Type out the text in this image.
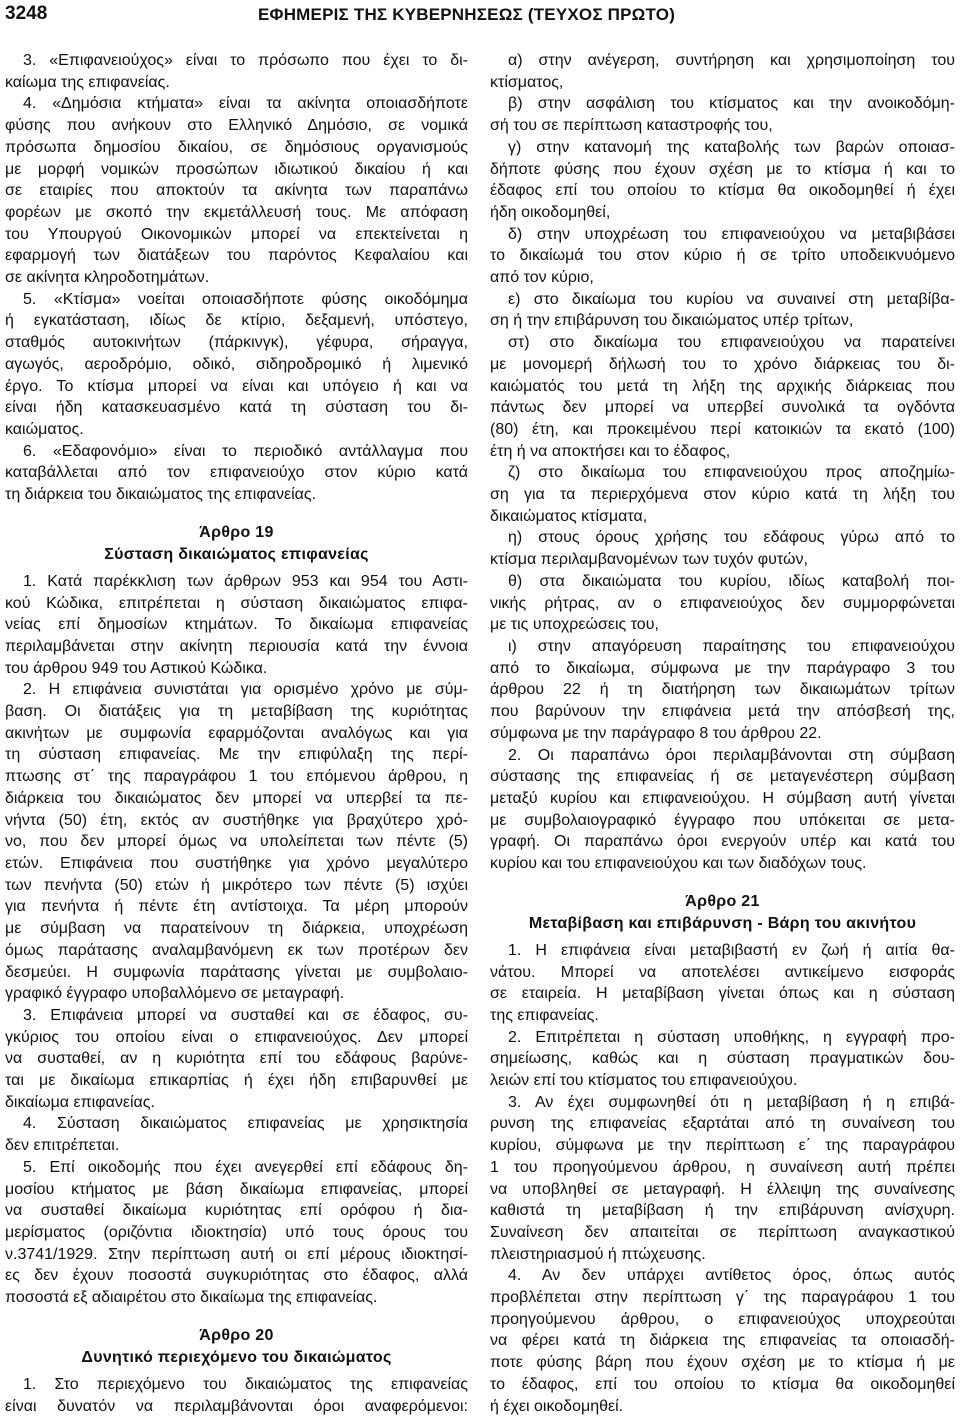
3248	ΕΦΗΜΕΡΙΣ ΤΗΣ ΚΥΒΕΡΝΗΣΕΩΣ (ΤΕΥΧΟΣ ΠΡΩΤΟ)
3. «Επιφανειούχος» είναι το πρόσωπο που έχει το δι-
καίωμα της επιφανείας.
4. «Δημόσια κτήματα» είναι τα ακίνητα οποιασδήποτε
φύσης που ανήκουν στο Ελληνικό Δημόσιο, σε νομικά
πρόσωπα δημοσίου δικαίου, σε δημόσιους οργανισμούς
με μορφή νομικών προσώπων ιδιωτικού δικαίου ή και
σε εταιρίες που αποκτούν τα ακίνητα των παραπάνω
φορέων με σκοπό την εκμετάλλευσή τους. Με απόφαση
του Υπουργού Οικονομικών μπορεί να επεκτείνεται η
εφαρμογή των διατάξεων του παρόντος Κεφαλαίου και
σε ακίνητα κληροδοτημάτων.
5. «Κτίσμα» νοείται οποιασδήποτε φύσης οικοδόμημα
ή εγκατάσταση, ιδίως δε κτίριο, δεξαμενή, υπόστεγο,
σταθμός αυτοκινήτων (πάρκινγκ), γέφυρα, σήραγγα,
αγωγός, αεροδρόμιο, οδικό, σιδηροδρομικό ή λιμενικό
έργο. Το κτίσμα μπορεί να είναι και υπόγειο ή και να
είναι ήδη κατασκευασμένο κατά τη σύσταση του δι-
καιώματος.
6. «Εδαφονόμιο» είναι το περιοδικό αντάλλαγμα που
καταβάλλεται από τον επιφανειούχο στον κύριο κατά
τη διάρκεια του δικαιώματος της επιφανείας.
Άρθρο 19
Σύσταση δικαιώματος επιφανείας
1. Κατά παρέκκλιση των άρθρων 953 και 954 του Αστι-
κού Κώδικα, επιτρέπεται η σύσταση δικαιώματος επιφα-
νείας επί δημοσίων κτημάτων. Το δικαίωμα επιφανείας
περιλαμβάνεται στην ακίνητη περιουσία κατά την έννοια
του άρθρου 949 του Αστικού Κώδικα.
2. Η επιφάνεια συνιστάται για ορισμένο χρόνο με σύμ-
βαση. Οι διατάξεις για τη μεταβίβαση της κυριότητας
ακινήτων με συμφωνία εφαρμόζονται αναλόγως και για
τη σύσταση επιφανείας. Με την επιφύλαξη της περί-
πτωσης στ΄ της παραγράφου 1 του επόμενου άρθρου, η
διάρκεια του δικαιώματος δεν μπορεί να υπερβεί τα πε-
νήντα (50) έτη, εκτός αν συστήθηκε για βραχύτερο χρό-
νο, που δεν μπορεί όμως να υπολείπεται των πέντε (5)
ετών. Επιφάνεια που συστήθηκε για χρόνο μεγαλύτερο
των πενήντα (50) ετών ή μικρότερο των πέντε (5) ισχύει
για πενήντα ή πέντε έτη αντίστοιχα. Τα μέρη μπορούν
με σύμβαση να παρατείνουν τη διάρκεια, υποχρέωση
όμως παράτασης αναλαμβανόμενη εκ των προτέρων δεν
δεσμεύει. Η συμφωνία παράτασης γίνεται με συμβολαιο-
γραφικό έγγραφο υποβαλλόμενο σε μεταγραφή.
3. Επιφάνεια μπορεί να συσταθεί και σε έδαφος, συ-
γκύριος του οποίου είναι ο επιφανειούχος. Δεν μπορεί
να συσταθεί, αν η κυριότητα επί του εδάφους βαρύνε-
ται με δικαίωμα επικαρπίας ή έχει ήδη επιβαρυνθεί με
δικαίωμα επιφανείας.
4. Σύσταση δικαιώματος επιφανείας με χρησικτησία
δεν επιτρέπεται.
5. Επί οικοδομής που έχει ανεγερθεί επί εδάφους δη-
μοσίου κτήματος με βάση δικαίωμα επιφανείας, μπορεί
να συσταθεί δικαίωμα κυριότητας επί ορόφου ή δια-
μερίσματος (οριζόντια ιδιοκτησία) υπό τους όρους του
ν.3741/1929. Στην περίπτωση αυτή οι επί μέρους ιδιοκτησί-
ες δεν έχουν ποσοστά συγκυριότητας στο έδαφος, αλλά
ποσοστά εξ αδιαιρέτου στο δικαίωμα της επιφανείας.
Άρθρο 20
Δυνητικό περιεχόμενο του δικαιώματος
1. Στο περιεχόμενο του δικαιώματος της επιφανείας
είναι δυνατόν να περιλαμβάνονται όροι αναφερόμενοι:
α) στην ανέγερση, συντήρηση και χρησιμοποίηση του
κτίσματος,
β) στην ασφάλιση του κτίσματος και την ανοικοδόμη-
σή του σε περίπτωση καταστροφής του,
γ) στην κατανομή της καταβολής των βαρών οποιασ-
δήποτε φύσης που έχουν σχέση με το κτίσμα ή και το
έδαφος επί του οποίου το κτίσμα θα οικοδομηθεί ή έχει
ήδη οικοδομηθεί,
δ) στην υποχρέωση του επιφανειούχου να μεταβιβάσει
το δικαίωμά του στον κύριο ή σε τρίτο υποδεικνυόμενο
από τον κύριο,
ε) στο δικαίωμα του κυρίου να συναινεί στη μεταβίβα-
ση ή την επιβάρυνση του δικαιώματος υπέρ τρίτων,
στ) στο δικαίωμα του επιφανειούχου να παρατείνει
με μονομερή δήλωσή του το χρόνο διάρκειας του δι-
καιώματός του μετά τη λήξη της αρχικής διάρκειας που
πάντως δεν μπορεί να υπερβεί συνολικά τα ογδόντα
(80) έτη, και προκειμένου περί κατοικιών τα εκατό (100)
έτη ή να αποκτήσει και το έδαφος,
ζ) στο δικαίωμα του επιφανειούχου προς αποζημίω-
ση για τα περιερχόμενα στον κύριο κατά τη λήξη του
δικαιώματος κτίσματα,
η) στους όρους χρήσης του εδάφους γύρω από το
κτίσμα περιλαμβανομένων των τυχόν φυτών,
θ) στα δικαιώματα του κυρίου, ιδίως καταβολή ποι-
νικής ρήτρας, αν ο επιφανειούχος δεν συμμορφώνεται
με τις υποχρεώσεις του,
ι) στην απαγόρευση παραίτησης του επιφανειούχου
από το δικαίωμα, σύμφωνα με την παράγραφο 3 του
άρθρου 22 ή τη διατήρηση των δικαιωμάτων τρίτων
που βαρύνουν την επιφάνεια μετά την απόσβεσή της,
σύμφωνα με την παράγραφο 8 του άρθρου 22.
2. Οι παραπάνω όροι περιλαμβάνονται στη σύμβαση
σύστασης της επιφανείας ή σε μεταγενέστερη σύμβαση
μεταξύ κυρίου και επιφανειούχου. Η σύμβαση αυτή γίνεται
με συμβολαιογραφικό έγγραφο που υπόκειται σε μετα-
γραφή. Οι παραπάνω όροι ενεργούν υπέρ και κατά του
κυρίου και του επιφανειούχου και των διαδόχων τους.
Άρθρο 21
Μεταβίβαση και επιβάρυνση - Βάρη του ακινήτου
1. Η επιφάνεια είναι μεταβιβαστή εν ζωή ή αιτία θα-
νάτου. Μπορεί να αποτελέσει αντικείμενο εισφοράς
σε εταιρεία. Η μεταβίβαση γίνεται όπως και η σύσταση
της επιφανείας.
2. Επιτρέπεται η σύσταση υποθήκης, η εγγραφή προ-
σημείωσης, καθώς και η σύσταση πραγματικών δου-
λειών επί του κτίσματος του επιφανειούχου.
3. Αν έχει συμφωνηθεί ότι η μεταβίβαση ή η επιβά-
ρυνση της επιφανείας εξαρτάται από τη συναίνεση του
κυρίου, σύμφωνα με την περίπτωση ε΄ της παραγράφου
1 του προηγούμενου άρθρου, η συναίνεση αυτή πρέπει
να υποβληθεί σε μεταγραφή. Η έλλειψη της συναίνεσης
καθιστά τη μεταβίβαση ή την επιβάρυνση ανίσχυρη.
Συναίνεση δεν απαιτείται σε περίπτωση αναγκαστικού
πλειστηριασμού ή πτώχευσης.
4. Αν δεν υπάρχει αντίθετος όρος, όπως αυτός
προβλέπεται στην περίπτωση γ΄ της παραγράφου 1 του
προηγούμενου άρθρου, ο επιφανειούχος υποχρεούται
να φέρει κατά τη διάρκεια της επιφανείας τα οποιασδή-
ποτε φύσης βάρη που έχουν σχέση με το κτίσμα ή με
το έδαφος, επί του οποίου το κτίσμα θα οικοδομηθεί
ή έχει οικοδομηθεί.
